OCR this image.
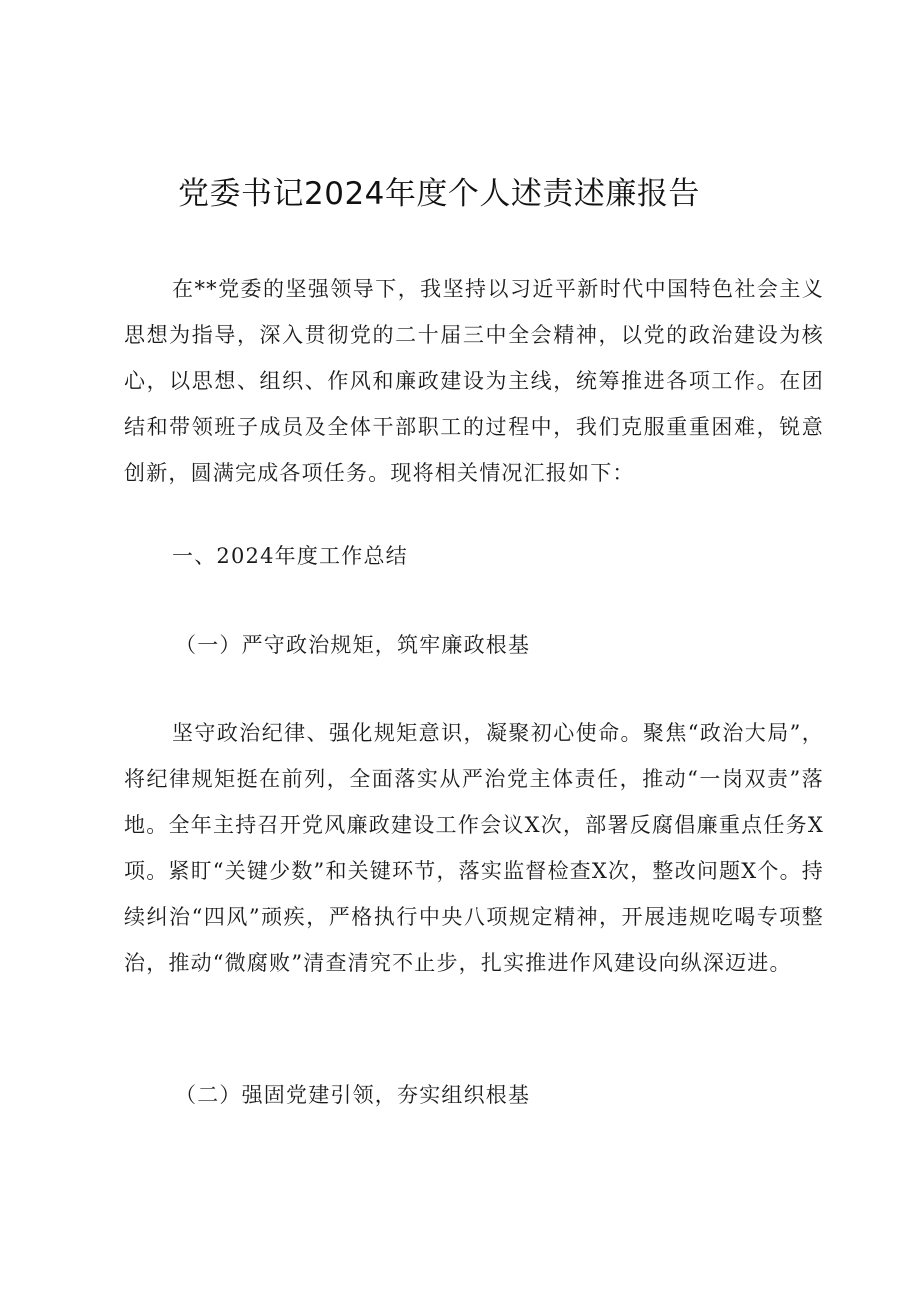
党委书记2024年度个人述责述廉报告

在**党委的坚强领导下，我坚持以习近平新时代中国特色社会主义思想为指导，深入贯彻党的二十届三中全会精神，以党的政治建设为核心，以思想、组织、作风和廉政建设为主线，统筹推进各项工作。在团结和带领班子成员及全体干部职工的过程中，我们克服重重困难，锐意创新，圆满完成各项任务。现将相关情况汇报如下：

一、2024年度工作总结
（一）严守政治规矩，筑牢廉政根基

坚守政治纪律、强化规矩意识，凝聚初心使命。聚焦“政治大局”，将纪律规矩挺在前列，全面落实从严治党主体责任，推动“一岗双责”落地。全年主持召开党风廉政建设工作会议X次，部署反腐倡廉重点任务X项。紧盯“关键少数”和关键环节，落实监督检查X次，整改问题X个。持续纠治“四风”顽疾，严格执行中央八项规定精神，开展违规吃喝专项整治，推动“微腐败”清查清究不止步，扎实推进作风建设向纵深迈进。

（二）强固党建引领，夯实组织根基
